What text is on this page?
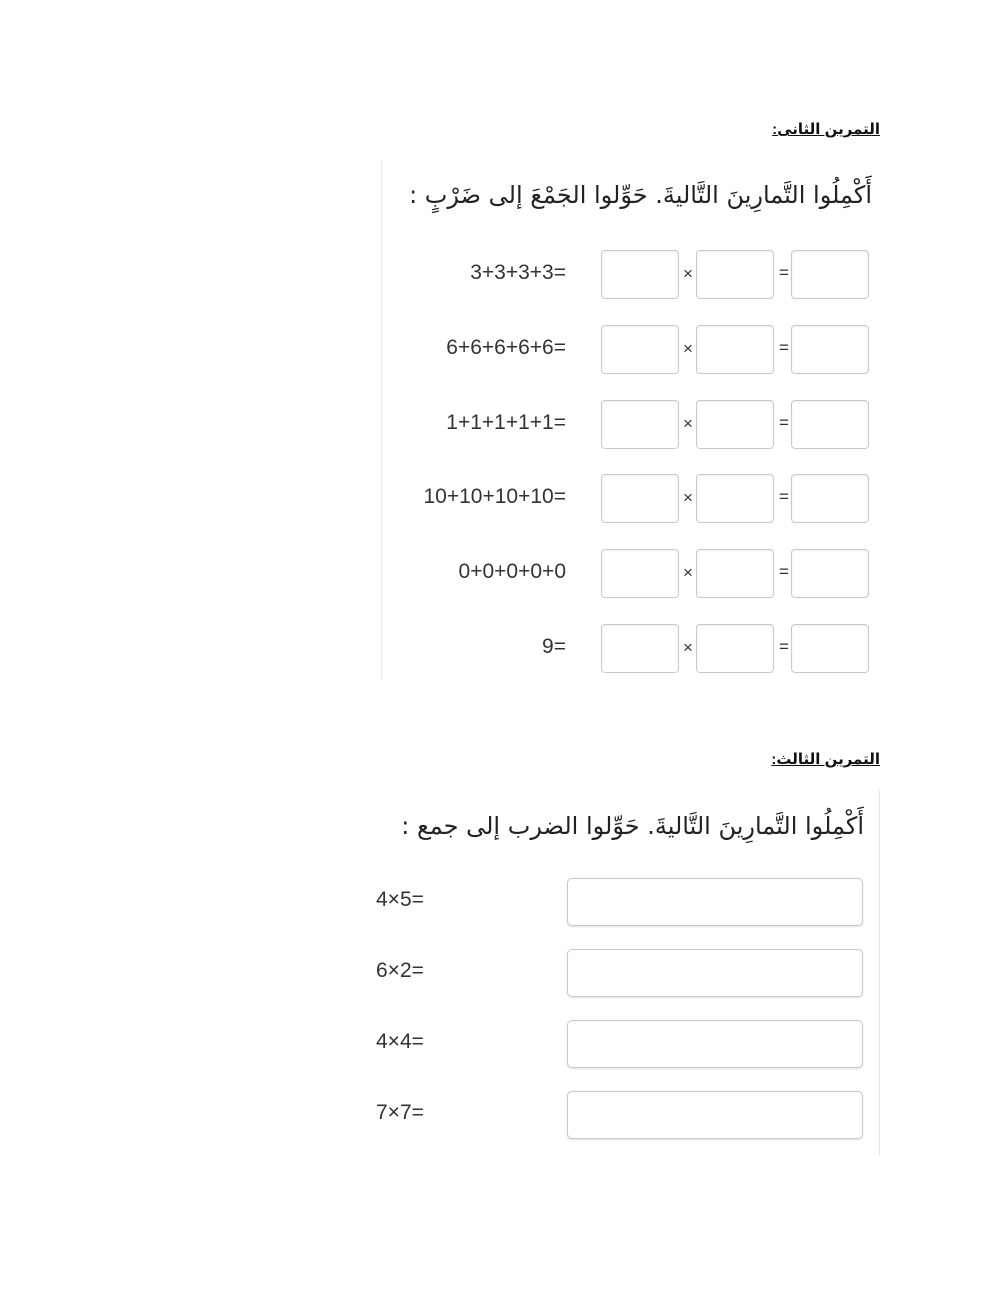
التمرين الثانى:
أَكْمِلُوا التَّمارِينَ التَّاليةَ. حَوِّلوا الجَمْعَ إلى ضَرْبٍ :
3+3+3+3=	×	=
6+6+6+6+6=	×	=
1+1+1+1+1=	×	=
10+10+10+10=	×	=
0+0+0+0+0	×	=
9=	×	=
التمرين الثالث:
أَكْمِلُوا التَّمارِينَ التَّاليةَ. حَوِّلوا الضرب إلى جمع :
4×5=
6×2=
4×4=
7×7=
